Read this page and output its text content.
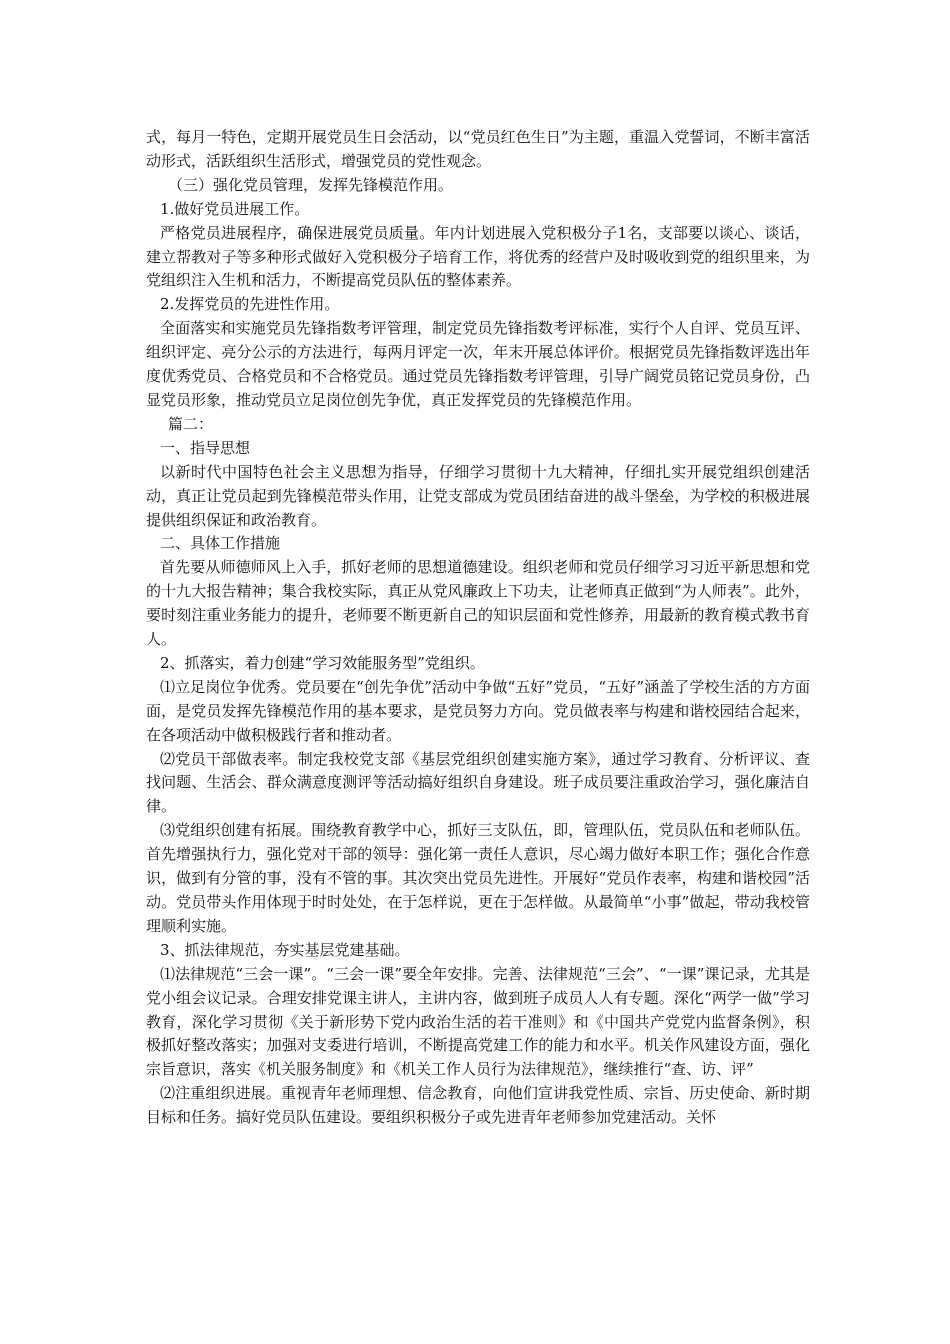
式，每月一特色，定期开展党员生日会活动，以“党员红色生日”为主题，重温入党誓词，不断丰富活动形式，活跃组织生活形式，增强党员的党性观念。

（三）强化党员管理，发挥先锋模范作用。

1.做好党员进展工作。

严格党员进展程序，确保进展党员质量。年内计划进展入党积极分子1名，支部要以谈心、谈话，建立帮教对子等多种形式做好入党积极分子培育工作，将优秀的经营户及时吸收到党的组织里来，为党组织注入生机和活力，不断提高党员队伍的整体素养。

2.发挥党员的先进性作用。

全面落实和实施党员先锋指数考评管理，制定党员先锋指数考评标准，实行个人自评、党员互评、组织评定、亮分公示的方法进行，每两月评定一次，年末开展总体评价。根据党员先锋指数评选出年度优秀党员、合格党员和不合格党员。通过党员先锋指数考评管理，引导广阔党员铭记党员身份，凸显党员形象，推动党员立足岗位创先争优，真正发挥党员的先锋模范作用。

篇二：

一、指导思想

以新时代中国特色社会主义思想为指导，仔细学习贯彻十九大精神，仔细扎实开展党组织创建活动，真正让党员起到先锋模范带头作用，让党支部成为党员团结奋进的战斗堡垒，为学校的积极进展提供组织保证和政治教育。

二、具体工作措施

首先要从师德师风上入手，抓好老师的思想道德建设。组织老师和党员仔细学习习近平新思想和党的十九大报告精神；集合我校实际，真正从党风廉政上下功夫，让老师真正做到“为人师表”。此外，要时刻注重业务能力的提升，老师要不断更新自己的知识层面和党性修养，用最新的教育模式教书育人。

2、抓落实，着力创建“学习效能服务型”党组织。

⑴立足岗位争优秀。党员要在“创先争优”活动中争做“五好”党员，“五好”涵盖了学校生活的方方面面，是党员发挥先锋模范作用的基本要求，是党员努力方向。党员做表率与构建和谐校园结合起来，在各项活动中做积极践行者和推动者。

⑵党员干部做表率。制定我校党支部《基层党组织创建实施方案》，通过学习教育、分析评议、查找问题、生活会、群众满意度测评等活动搞好组织自身建设。班子成员要注重政治学习，强化廉洁自律。

⑶党组织创建有拓展。围绕教育教学中心，抓好三支队伍，即，管理队伍，党员队伍和老师队伍。首先增强执行力，强化党对干部的领导：强化第一责任人意识，尽心竭力做好本职工作；强化合作意识，做到有分管的事，没有不管的事。其次突出党员先进性。开展好“党员作表率，构建和谐校园”活动。党员带头作用体现于时时处处，在于怎样说，更在于怎样做。从最简单“小事”做起，带动我校管理顺利实施。

3、抓法律规范，夯实基层党建基础。

⑴法律规范“三会一课”。“三会一课”要全年安排。完善、法律规范“三会”、“一课”课记录，尤其是党小组会议记录。合理安排党课主讲人，主讲内容，做到班子成员人人有专题。深化“两学一做”学习教育，深化学习贯彻《关于新形势下党内政治生活的若干准则》和《中国共产党党内监督条例》，积极抓好整改落实；加强对支委进行培训，不断提高党建工作的能力和水平。机关作风建设方面，强化宗旨意识，落实《机关服务制度》和《机关工作人员行为法律规范》，继续推行“查、访、评”

⑵注重组织进展。重视青年老师理想、信念教育，向他们宣讲我党性质、宗旨、历史使命、新时期目标和任务。搞好党员队伍建设。要组织积极分子或先进青年老师参加党建活动。关怀
